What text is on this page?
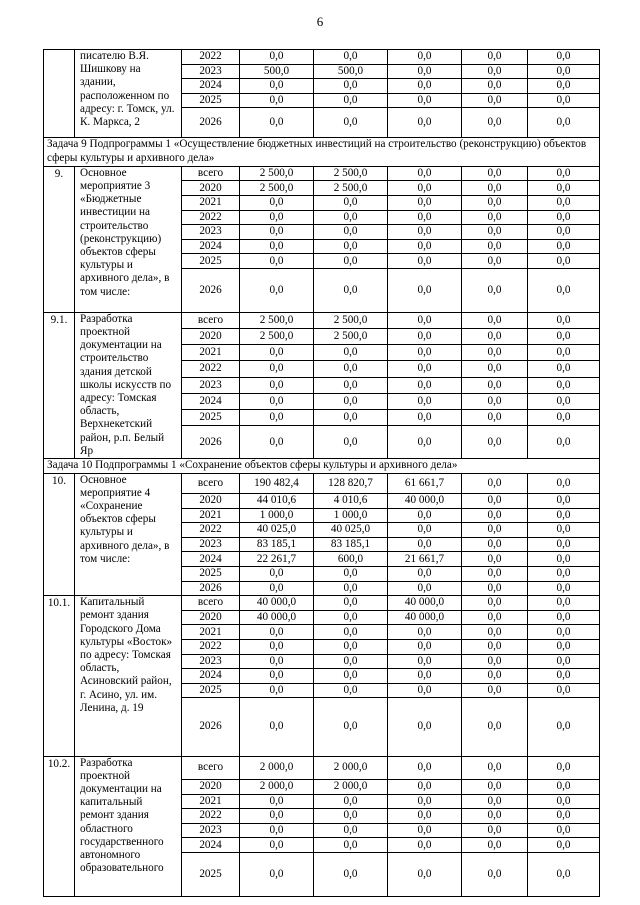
6
	писателю В.Я. Шишкову на здании, расположенном по адресу: г. Томск, ул. К. Маркса, 2	2022	0,0	0,0	0,0	0,0	0,0
		2023	500,0	500,0	0,0	0,0	0,0
		2024	0,0	0,0	0,0	0,0	0,0
		2025	0,0	0,0	0,0	0,0	0,0
		2026	0,0	0,0	0,0	0,0	0,0
Задача 9 Подпрограммы 1 «Осуществление бюджетных инвестиций на строительство (реконструкцию) объектов сферы культуры и архивного дела»							
9.	Основное мероприятие 3 «Бюджетные инвестиции на строительство (реконструкцию) объектов сферы культуры и архивного дела», в том числе:	всего	2 500,0	2 500,0	0,0	0,0	0,0
		2020	2 500,0	2 500,0	0,0	0,0	0,0
		2021	0,0	0,0	0,0	0,0	0,0
		2022	0,0	0,0	0,0	0,0	0,0
		2023	0,0	0,0	0,0	0,0	0,0
		2024	0,0	0,0	0,0	0,0	0,0
		2025	0,0	0,0	0,0	0,0	0,0
		2026	0,0	0,0	0,0	0,0	0,0
9.1.	Разработка проектной документации на строительство здания детской школы искусств по адресу: Томская область, Верхнекетский район, р.п. Белый Яр	всего	2 500,0	2 500,0	0,0	0,0	0,0
		2020	2 500,0	2 500,0	0,0	0,0	0,0
		2021	0,0	0,0	0,0	0,0	0,0
		2022	0,0	0,0	0,0	0,0	0,0
		2023	0,0	0,0	0,0	0,0	0,0
		2024	0,0	0,0	0,0	0,0	0,0
		2025	0,0	0,0	0,0	0,0	0,0
		2026	0,0	0,0	0,0	0,0	0,0
Задача 10 Подпрограммы 1 «Сохранение объектов сферы культуры и архивного дела»							
10.	Основное мероприятие 4 «Сохранение объектов сферы культуры и архивного дела», в том числе:	всего	190 482,4	128 820,7	61 661,7	0,0	0,0
		2020	44 010,6	4 010,6	40 000,0	0,0	0,0
		2021	1 000,0	1 000,0	0,0	0,0	0,0
		2022	40 025,0	40 025,0	0,0	0,0	0,0
		2023	83 185,1	83 185,1	0,0	0,0	0,0
		2024	22 261,7	600,0	21 661,7	0,0	0,0
		2025	0,0	0,0	0,0	0,0	0,0
		2026	0,0	0,0	0,0	0,0	0,0
10.1.	Капитальный ремонт здания Городского Дома культуры «Восток» по адресу: Томская область, Асиновский район, г. Асино, ул. им. Ленина, д. 19	всего	40 000,0	0,0	40 000,0	0,0	0,0
		2020	40 000,0	0,0	40 000,0	0,0	0,0
		2021	0,0	0,0	0,0	0,0	0,0
		2022	0,0	0,0	0,0	0,0	0,0
		2023	0,0	0,0	0,0	0,0	0,0
		2024	0,0	0,0	0,0	0,0	0,0
		2025	0,0	0,0	0,0	0,0	0,0
		2026	0,0	0,0	0,0	0,0	0,0
10.2.	Разработка проектной документации на капитальный ремонт здания областного государственного автономного образовательного	всего	2 000,0	2 000,0	0,0	0,0	0,0
		2020	2 000,0	2 000,0	0,0	0,0	0,0
		2021	0,0	0,0	0,0	0,0	0,0
		2022	0,0	0,0	0,0	0,0	0,0
		2023	0,0	0,0	0,0	0,0	0,0
		2024	0,0	0,0	0,0	0,0	0,0
		2025	0,0	0,0	0,0	0,0	0,0
